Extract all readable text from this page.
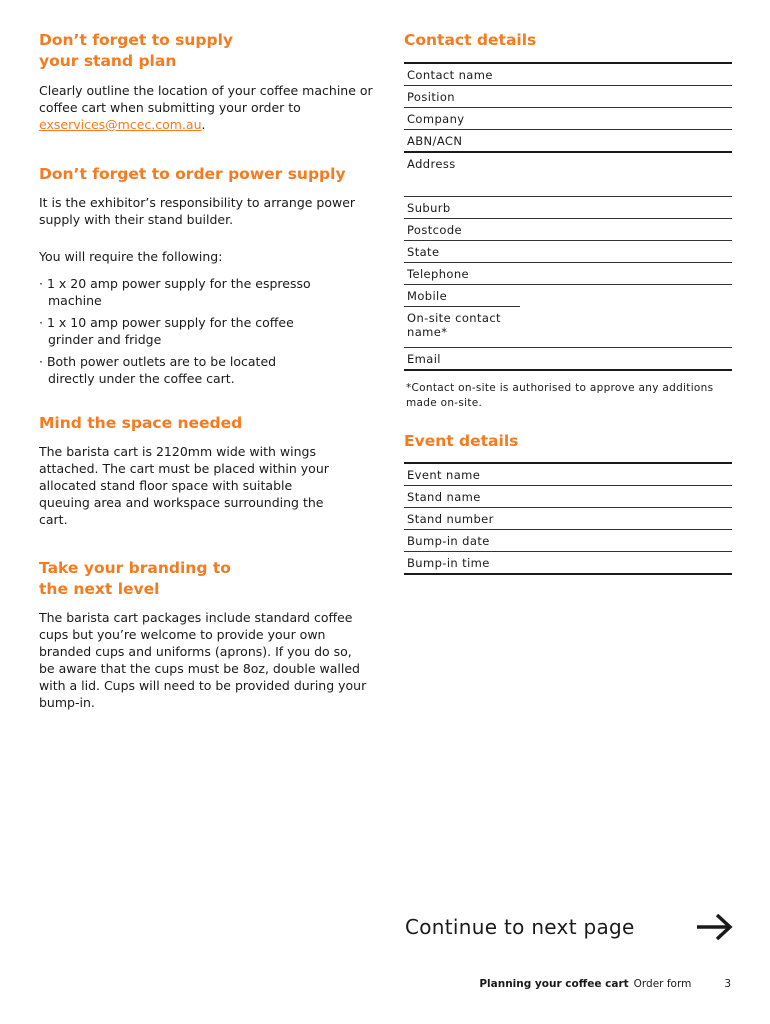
Don’t forget to supply your stand plan

Clearly outline the location of your coffee machine or coffee cart when submitting your order to exservices@mcec.com.au.

Don’t forget to order power supply

It is the exhibitor’s responsibility to arrange power supply with their stand builder.

You will require the following:

· 1 x 20 amp power supply for the espresso machine
· 1 x 10 amp power supply for the coffee grinder and fridge
· Both power outlets are to be located directly under the coffee cart.
Mind the space needed

The barista cart is 2120mm wide with wings attached. The cart must be placed within your allocated stand floor space with suitable queuing area and workspace surrounding the cart.

Take your branding to the next level

The barista cart packages include standard coffee cups but you’re welcome to provide your own branded cups and uniforms (aprons). If you do so, be aware that the cups must be 8oz, double walled with a lid. Cups will need to be provided during your bump-in.

Contact details
Contact name
Position
Company
ABN/ACN
Address
Suburb
Postcode
State
Telephone
Mobile
On-site contact name*
Email

*Contact on-site is authorised to approve any additions made on-site.

Event details
Event name
Stand name
Stand number
Bump-in date
Bump-in time
Continue to next page
Planning your coffee cart Order form	3
